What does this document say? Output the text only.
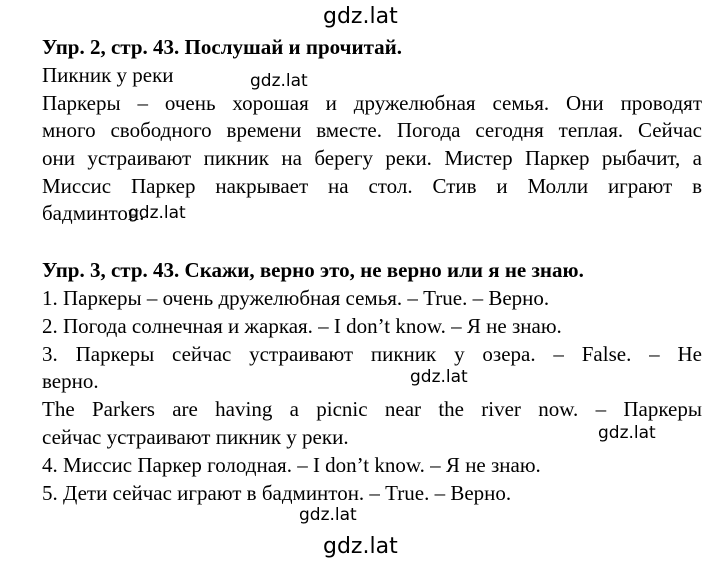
gdz.lat
gdz.lat
gdz.lat
gdz.lat
gdz.lat
gdz.lat
gdz.lat
Упр. 2, стр. 43. Послушай и прочитай.
Пикник у реки
Паркеры – очень хорошая и дружелюбная семья. Они проводят
много свободного времени вместе. Погода сегодня теплая. Сейчас
они устраивают пикник на берегу реки. Мистер Паркер рыбачит, а
Миссис Паркер накрывает на стол. Стив и Молли играют в
бадминтон.
Упр. 3, стр. 43. Скажи, верно это, не верно или я не знаю.
1. Паркеры – очень дружелюбная семья. – True. – Верно.
2. Погода солнечная и жаркая. – I don’t know. – Я не знаю.
3. Паркеры сейчас устраивают пикник у озера. – False. – Не
верно.
The Parkers are having a picnic near the river now. – Паркеры
сейчас устраивают пикник у реки.
4. Миссис Паркер голодная. – I don’t know. – Я не знаю.
5. Дети сейчас играют в бадминтон. – True. – Верно.
